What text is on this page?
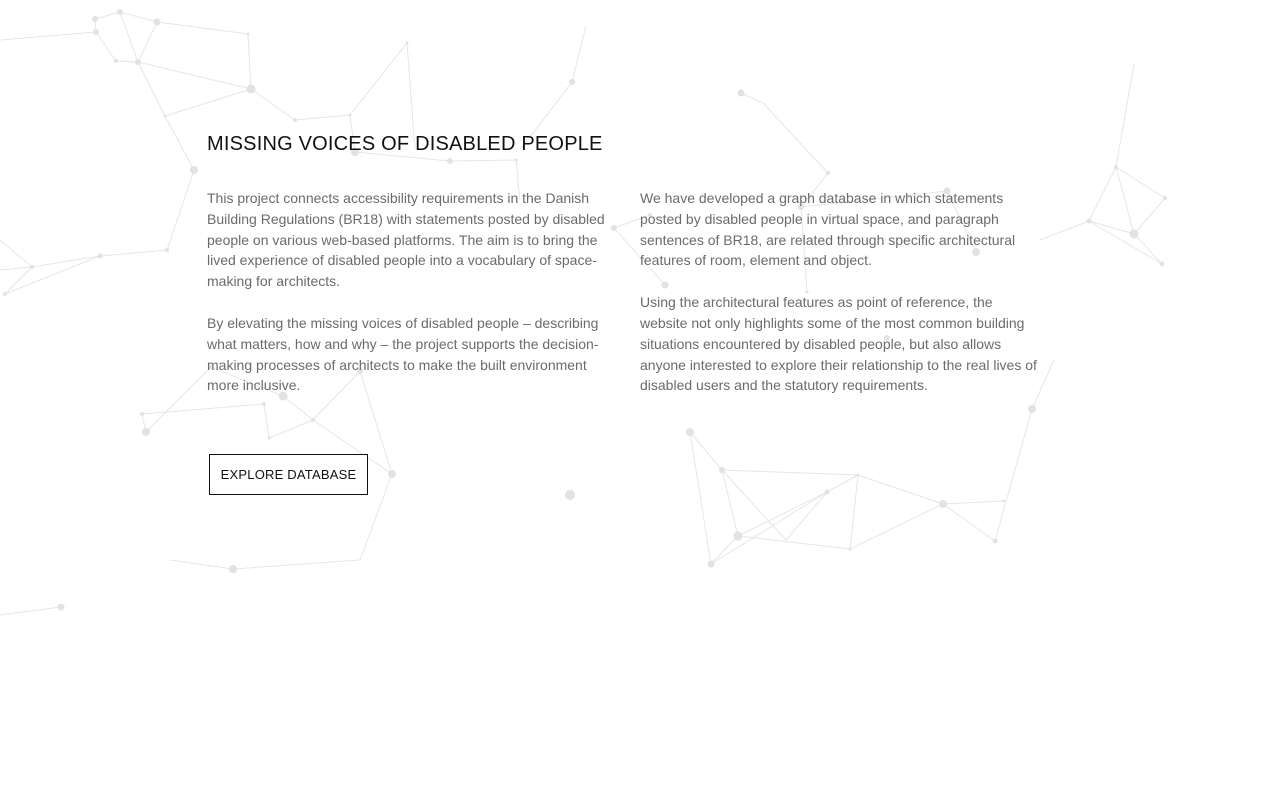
MISSING VOICES OF DISABLED PEOPLE

This project connects accessibility requirements in the Danish Building Regulations (BR18) with statements posted by disabled people on various web-based platforms. The aim is to bring the lived experience of disabled people into a vocabulary of space-making for architects.

By elevating the missing voices of disabled people – describing what matters, how and why – the project supports the decision-making processes of architects to make the built environment more inclusive.

We have developed a graph database in which statements posted by disabled people in virtual space, and paragraph sentences of BR18, are related through specific architectural features of room, element and object.

Using the architectural features as point of reference, the website not only highlights some of the most common building situations encountered by disabled people, but also allows anyone interested to explore their relationship to the real lives of disabled users and the statutory requirements.

EXPLORE DATABASE
